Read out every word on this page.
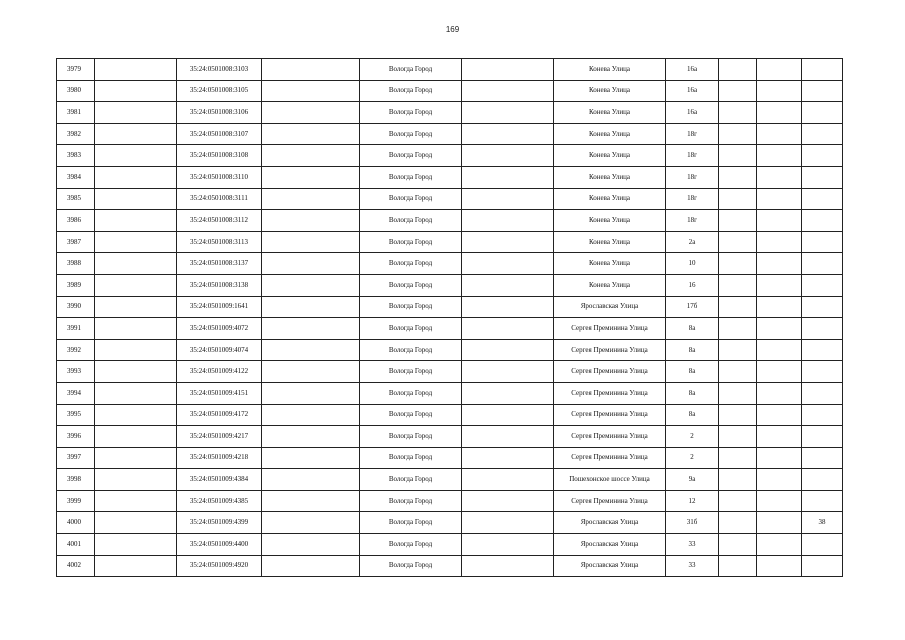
169
3979		35:24:0501008:3103		Вологда Город		Конева Улица	16а			
3980		35:24:0501008:3105		Вологда Город		Конева Улица	16а			
3981		35:24:0501008:3106		Вологда Город		Конева Улица	16а			
3982		35:24:0501008:3107		Вологда Город		Конева Улица	18г			
3983		35:24:0501008:3108		Вологда Город		Конева Улица	18г			
3984		35:24:0501008:3110		Вологда Город		Конева Улица	18г			
3985		35:24:0501008:3111		Вологда Город		Конева Улица	18г			
3986		35:24:0501008:3112		Вологда Город		Конева Улица	18г			
3987		35:24:0501008:3113		Вологда Город		Конева Улица	2а			
3988		35:24:0501008:3137		Вологда Город		Конева Улица	10			
3989		35:24:0501008:3138		Вологда Город		Конева Улица	16			
3990		35:24:0501009:1641		Вологда Город		Ярославская Улица	17б			
3991		35:24:0501009:4072		Вологда Город		Сергея Преминина Улица	8а			
3992		35:24:0501009:4074		Вологда Город		Сергея Преминина Улица	8а			
3993		35:24:0501009:4122		Вологда Город		Сергея Преминина Улица	8а			
3994		35:24:0501009:4151		Вологда Город		Сергея Преминина Улица	8а			
3995		35:24:0501009:4172		Вологда Город		Сергея Преминина Улица	8а			
3996		35:24:0501009:4217		Вологда Город		Сергея Преминина Улица	2			
3997		35:24:0501009:4218		Вологда Город		Сергея Преминина Улица	2			
3998		35:24:0501009:4384		Вологда Город		Пошехонское шоссе Улица	9а			
3999		35:24:0501009:4385		Вологда Город		Сергея Преминина Улица	12			
4000		35:24:0501009:4399		Вологда Город		Ярославская Улица	31б			38
4001		35:24:0501009:4400		Вологда Город		Ярославская Улица	33			
4002		35:24:0501009:4920		Вологда Город		Ярославская Улица	33			
